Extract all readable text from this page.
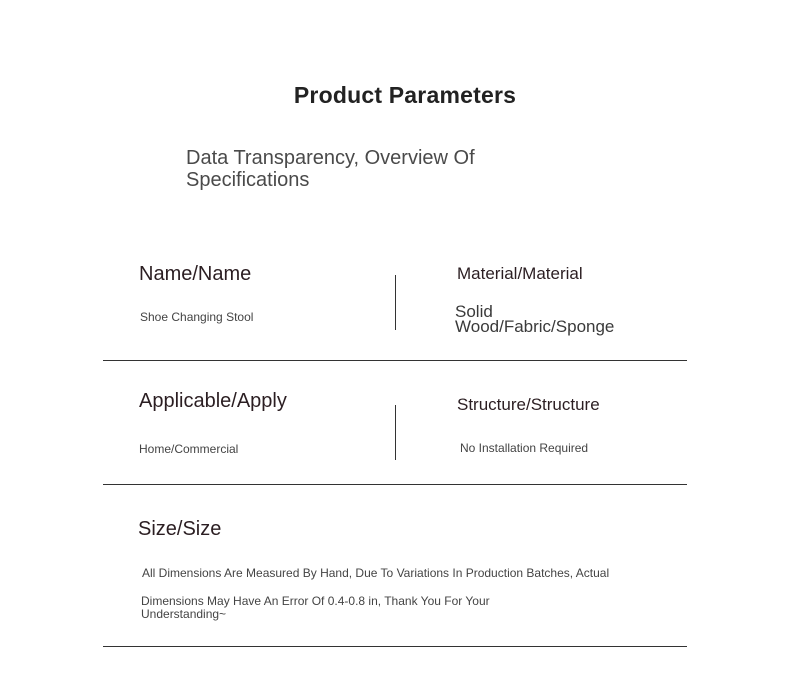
Product Parameters
Data Transparency, Overview Of Specifications
Name/Name
Shoe Changing Stool
Material/Material
Solid Wood/Fabric/Sponge
Applicable/Apply
Home/Commercial
Structure/Structure
No Installation Required
Size/Size
All Dimensions Are Measured By Hand, Due To Variations In Production Batches, Actual
Dimensions May Have An Error Of 0.4-0.8 in, Thank You For Your Understanding~
